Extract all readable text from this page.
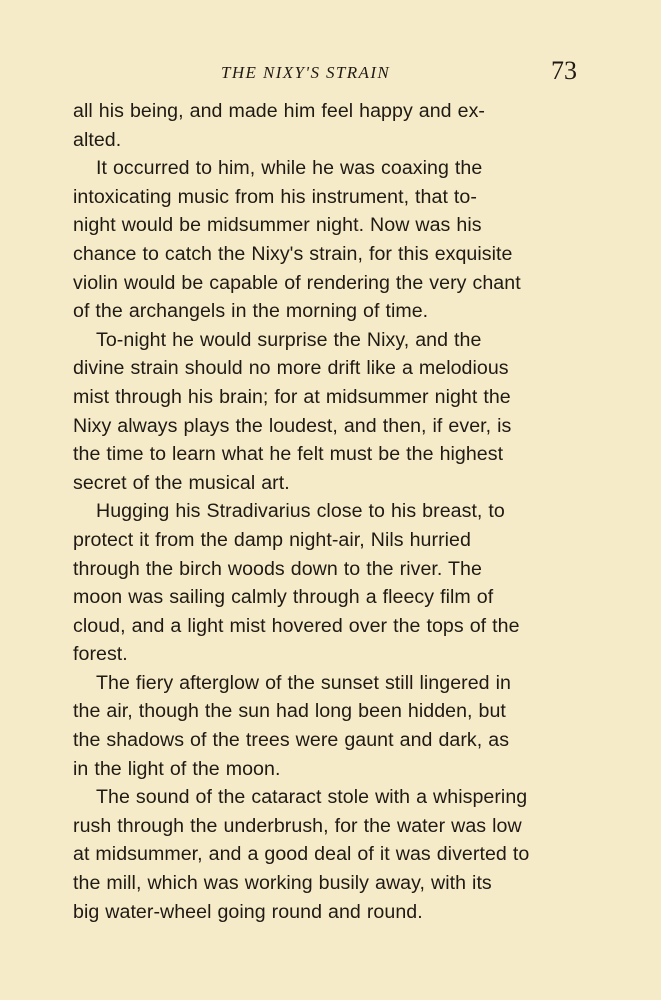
THE NIXY'S STRAIN	73

all his being, and made him feel happy and ex-
alted.

It occurred to him, while he was coaxing the
intoxicating music from his instrument, that to-
night would be midsummer night. Now was his
chance to catch the Nixy's strain, for this exquisite
violin would be capable of rendering the very chant
of the archangels in the morning of time.

To-night he would surprise the Nixy, and the
divine strain should no more drift like a melodious
mist through his brain; for at midsummer night the
Nixy always plays the loudest, and then, if ever, is
the time to learn what he felt must be the highest
secret of the musical art.

Hugging his Stradivarius close to his breast, to
protect it from the damp night-air, Nils hurried
through the birch woods down to the river. The
moon was sailing calmly through a fleecy film of
cloud, and a light mist hovered over the tops of the
forest.

The fiery afterglow of the sunset still lingered in
the air, though the sun had long been hidden, but
the shadows of the trees were gaunt and dark, as
in the light of the moon.

The sound of the cataract stole with a whispering
rush through the underbrush, for the water was low
at midsummer, and a good deal of it was diverted to
the mill, which was working busily away, with its
big water-wheel going round and round.
